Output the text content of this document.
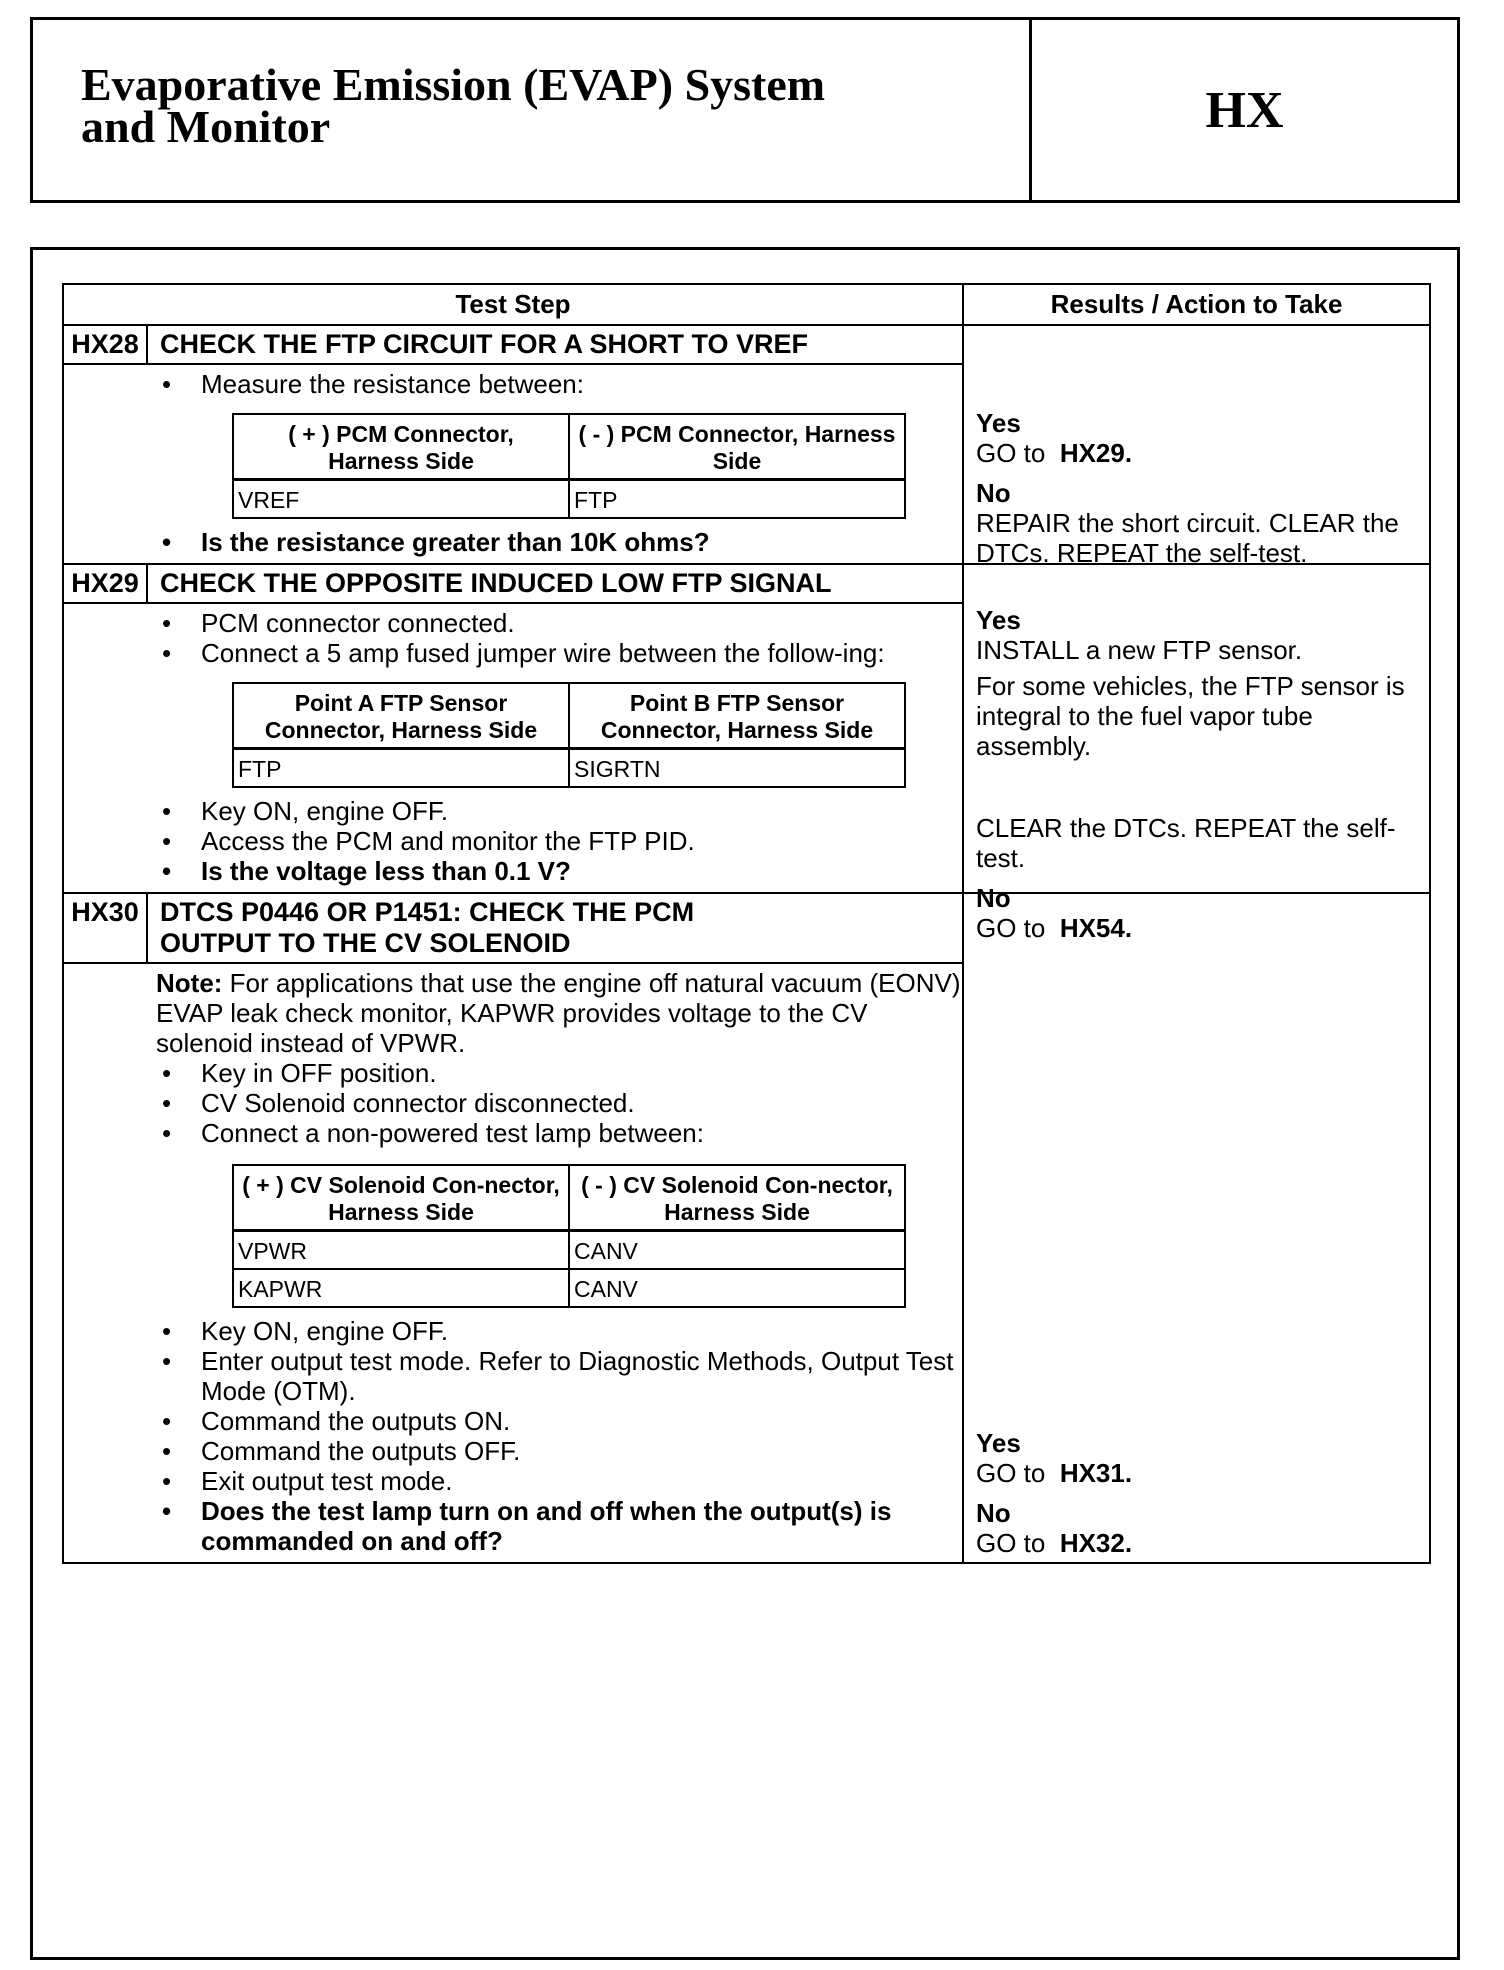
Evaporative Emission (EVAP) System
and Monitor	HX
Test Step	Results / Action to Take
HX28 CHECK THE FTP CIRCUIT FOR A SHORT TO VREF
• Measure the resistance between:
( + ) PCM Connector, Harness Side	( - ) PCM Connector, Harness Side
VREF	FTP
• Is the resistance greater than 10K ohms?
Yes
GO to HX29.
No
REPAIR the short circuit. CLEAR the DTCs. REPEAT the self-test.
HX29 CHECK THE OPPOSITE INDUCED LOW FTP SIGNAL
• PCM connector connected.
• Connect a 5 amp fused jumper wire between the follow-ing:
Point A FTP Sensor Connector, Harness Side	Point B FTP Sensor Connector, Harness Side
FTP	SIGRTN
• Key ON, engine OFF.
• Access the PCM and monitor the FTP PID.
• Is the voltage less than 0.1 V?
Yes
INSTALL a new FTP sensor.
For some vehicles, the FTP sensor is integral to the fuel vapor tube assembly.
CLEAR the DTCs. REPEAT the self-test.
No
GO to HX54.
HX30 DTCS P0446 OR P1451: CHECK THE PCM OUTPUT TO THE CV SOLENOID
Note: For applications that use the engine off natural vacuum (EONV) EVAP leak check monitor, KAPWR provides voltage to the CV solenoid instead of VPWR.
• Key in OFF position.
• CV Solenoid connector disconnected.
• Connect a non-powered test lamp between:
( + ) CV Solenoid Con-nector, Harness Side	( - ) CV Solenoid Con-nector, Harness Side
VPWR	CANV
KAPWR	CANV
• Key ON, engine OFF.
• Enter output test mode. Refer to Diagnostic Methods, Output Test Mode (OTM).
• Command the outputs ON.
• Command the outputs OFF.
• Exit output test mode.
• Does the test lamp turn on and off when the output(s) is commanded on and off?
Yes
GO to HX31.
No
GO to HX32.
